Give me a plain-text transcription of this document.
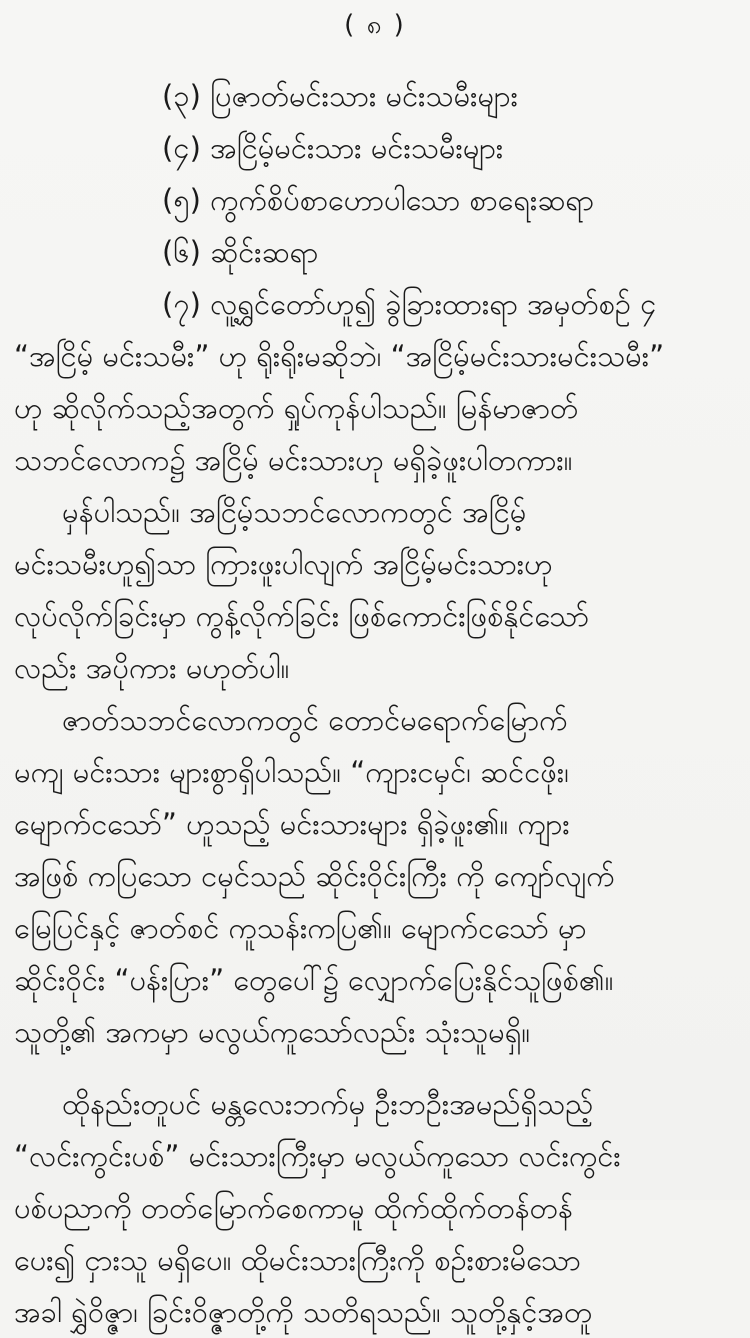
( ၈ )
(၃) ပြဇာတ်မင်းသား မင်းသမီးများ
(၄) အငြိမ့်မင်းသား မင်းသမီးများ
(၅) ကွက်စိပ်စာဟောပါသော စာရေးဆရာ
(၆) ဆိုင်းဆရာ
(၇) လူ့ရွှင်တော်ဟူ၍ ခွဲခြားထားရာ အမှတ်စဉ် ၄
“အငြိမ့် မင်းသမီး” ဟု ရိုးရိုးမဆိုဘဲ၊ “အငြိမ့်မင်းသားမင်းသမီး”
ဟု ဆိုလိုက်သည့်အတွက် ရှုပ်ကုန်ပါသည်။ မြန်မာဇာတ်
သဘင်လောက၌ အငြိမ့် မင်းသားဟု မရှိခဲ့ဖူးပါတကား။
မှန်ပါသည်။ အငြိမ့်သဘင်လောကတွင် အငြိမ့်
မင်းသမီးဟူ၍သာ ကြားဖူးပါလျက် အငြိမ့်မင်းသားဟု
လုပ်လိုက်ခြင်းမှာ ကွန့်လိုက်ခြင်း ဖြစ်ကောင်းဖြစ်နိုင်သော်
လည်း အပိုကား မဟုတ်ပါ။
ဇာတ်သဘင်လောကတွင် တောင်မရောက်မြောက်
မကျ မင်းသား များစွာရှိပါသည်။ “ကျားငမှင်၊ ဆင်ငဖိုး၊
မျောက်ငသော်” ဟူသည့် မင်းသားများ ရှိခဲ့ဖူး၏။ ကျား
အဖြစ် ကပြသော ငမှင်သည် ဆိုင်းဝိုင်းကြီး ကို ကျော်လျက်
မြေပြင်နှင့် ဇာတ်စင် ကူသန်းကပြ၏။ မျောက်ငသော် မှာ
ဆိုင်းဝိုင်း “ပန်းပြား” တွေပေါ်၌ လျှောက်ပြေးနိုင်သူဖြစ်၏။
သူတို့၏ အကမှာ မလွယ်ကူသော်လည်း သုံးသူမရှိ။
ထိုနည်းတူပင် မန္တလေးဘက်မှ ဦးဘဦးအမည်ရှိသည့်
“လင်းကွင်းပစ်” မင်းသားကြီးမှာ မလွယ်ကူသော လင်းကွင်း
ပစ်ပညာကို တတ်မြောက်စေကာမူ ထိုက်ထိုက်တန်တန်
ပေး၍ ငှားသူ မရှိပေ။ ထိုမင်းသားကြီးကို စဉ်းစားမိသော
အခါ ရွှဲဝိဇ္ဇာ၊ ခြင်းဝိဇ္ဇာတို့ကို သတိရသည်။ သူတို့နှင့်အတူ
